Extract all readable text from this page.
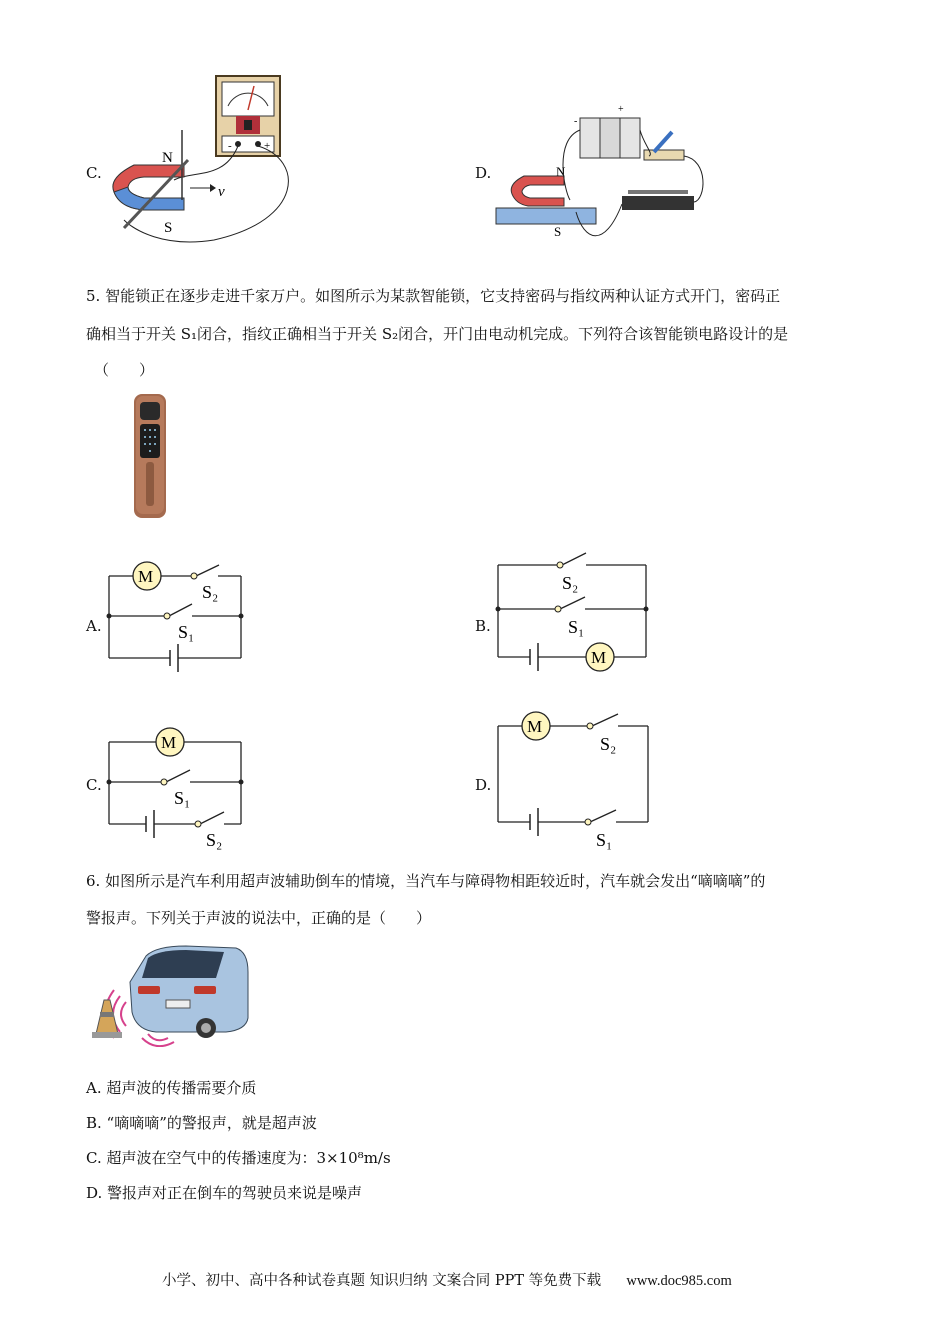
C.
-	+
N
S
v
D.
-
+
N
S
5. 智能锁正在逐步走进千家万户。如图所示为某款智能锁，它支持密码与指纹两种认证方式开门，密码正
确相当于开关 S₁闭合，指纹正确相当于开关 S₂闭合，开门由电动机完成。下列符合该智能锁电路设计的是
（　　）
A.
M
S₂
S₁	B.
M
S₂
S₁
C.
M
S₁
S₂
D.
M
S₂
S₁
6. 如图所示是汽车利用超声波辅助倒车的情境，当汽车与障碍物相距较近时，汽车就会发出“嘀嘀嘀”的
警报声。下列关于声波的说法中，正确的是（　　）
A. 超声波的传播需要介质
B. “嘀嘀嘀”的警报声，就是超声波
C. 超声波在空气中的传播速度为：3×10⁸m/s
D. 警报声对正在倒车的驾驶员来说是噪声
小学、初中、高中各种试卷真题 知识归纳 文案合同 PPT 等免费下载 www.doc985.com
